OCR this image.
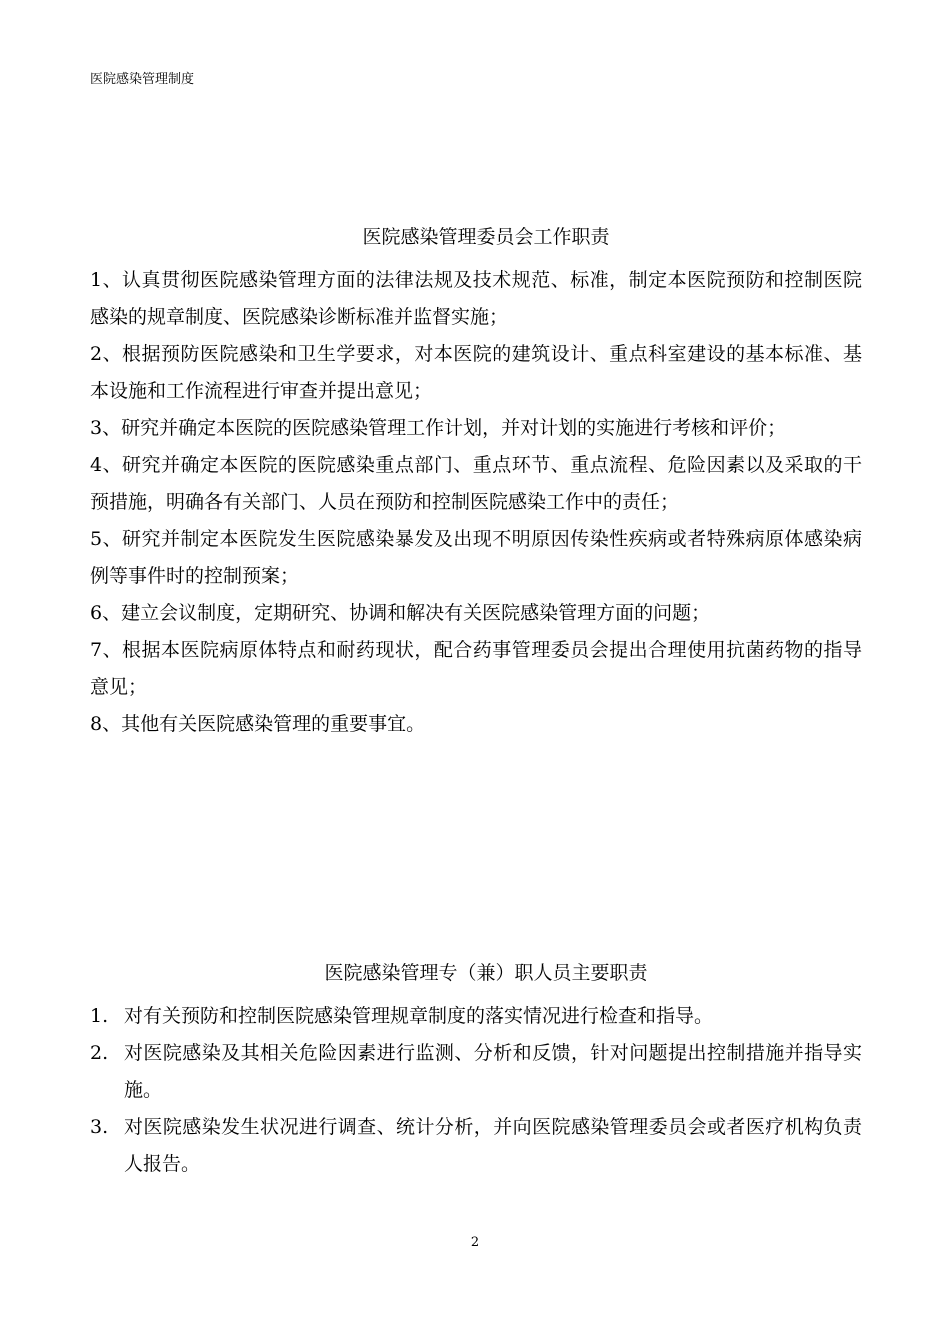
医院感染管理制度
医院感染管理委员会工作职责

1、认真贯彻医院感染管理方面的法律法规及技术规范、标准，制定本医院预防和控制医院感染的规章制度、医院感染诊断标准并监督实施；

2、根据预防医院感染和卫生学要求，对本医院的建筑设计、重点科室建设的基本标准、基本设施和工作流程进行审查并提出意见；

3、研究并确定本医院的医院感染管理工作计划，并对计划的实施进行考核和评价；

4、研究并确定本医院的医院感染重点部门、重点环节、重点流程、危险因素以及采取的干预措施，明确各有关部门、人员在预防和控制医院感染工作中的责任；

5、研究并制定本医院发生医院感染暴发及出现不明原因传染性疾病或者特殊病原体感染病例等事件时的控制预案；

6、建立会议制度，定期研究、协调和解决有关医院感染管理方面的问题；

7、根据本医院病原体特点和耐药现状，配合药事管理委员会提出合理使用抗菌药物的指导意见；

8、其他有关医院感染管理的重要事宜。

医院感染管理专（兼）职人员主要职责
1. 对有关预防和控制医院感染管理规章制度的落实情况进行检查和指导。
2. 对医院感染及其相关危险因素进行监测、分析和反馈，针对问题提出控制措施并指导实施。
3. 对医院感染发生状况进行调查、统计分析，并向医院感染管理委员会或者医疗机构负责人报告。
2
